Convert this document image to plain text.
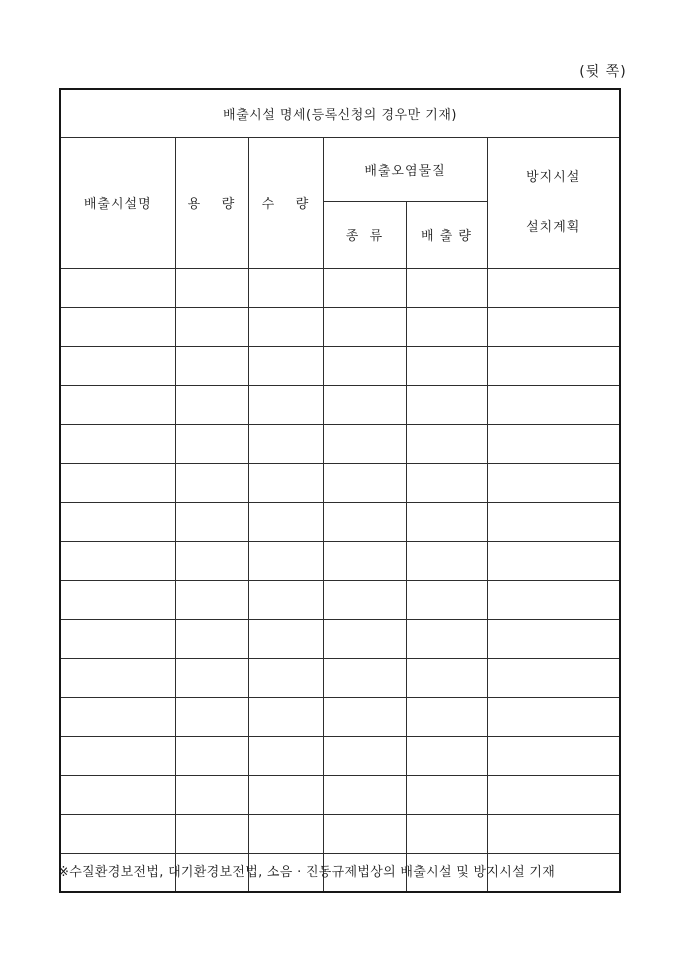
(뒷 쪽)
배출시설 명세(등록신청의 경우만 기재)					
배출시설명	용    량	수    량	배출오염물질		방지시설

설치계획

			종  류	배 출 량	

※수질환경보전법, 대기환경보전법, 소음 · 진동규제법상의 배출시설 및 방지시설 기재
